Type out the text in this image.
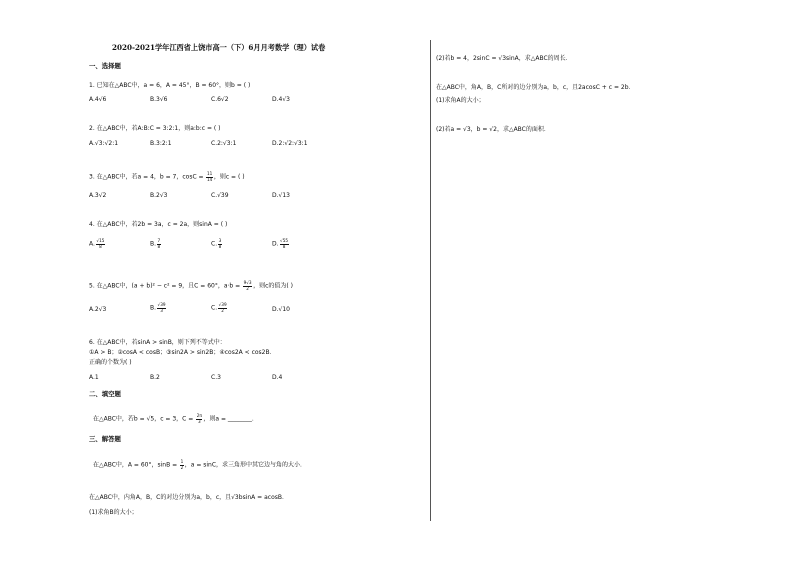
2020-2021学年江西省上饶市高一（下）6月月考数学（理）试卷
一、选择题
1. 已知在△ABC中，a = 6，A = 45°，B = 60°，则b = ( )
A.4√6	B.3√6	C.6√2	D.4√3
2. 在△ABC中，若A:B:C = 3:2:1，则a:b:c = ( )
A.√3:√2:1	B.3:2:1	C.2:√3:1	D.2:√2:√3:1
3. 在△ABC中，若a = 4，b = 7，$\cos C = \frac{11}{14}$ ，则c = ( )
A.3√2	B.2√3	C.√39	D.√13
4. 在△ABC中，若2b = 3a，c = 2a，则sinA = ( )
A. $\frac{√15}{8}$	B. $\frac{7}{8}$	C. $\frac{3}{8}$	D. $\frac{√55}{8}$
5. 在△ABC中，(a + b)² − c² = 9，且C = 60°，$a\cdot b = \frac{9√3}{2}$ ，则c的值为( )
A.2√3	B. $\frac{√39}{3}$	C. $\frac{√39}{2}$	D.√10
6. 在△ABC中，若sinA > sinB，则下列不等式中：
①A > B；②cosA < cosB；③sin2A > sin2B；④cos2A < cos2B．
正确的个数为( )
A.1	B.2	C.3	D.4
二、填空题
在△ABC中，若b = √5，c = 3，$C = \frac{2\pi}{3}$ ，则a = ________．
三、解答题
在△ABC中，A = 60°，$\sin B = \frac{1}{2}$ ，a = sinC，求三角形中其它边与角的大小．
在△ABC中，内角A，B，C的对边分别为a，b，c，且√3bsinA = acosB．
(1)求角B的大小；
(2)若b = 4，2sinC = √3sinA，求△ABC的周长．
在△ABC中，角A，B，C所对的边分别为a，b，c，且2acosC + c = 2b．
(1)求角A的大小；
(2)若a = √3，b = √2，求△ABC的面积．
